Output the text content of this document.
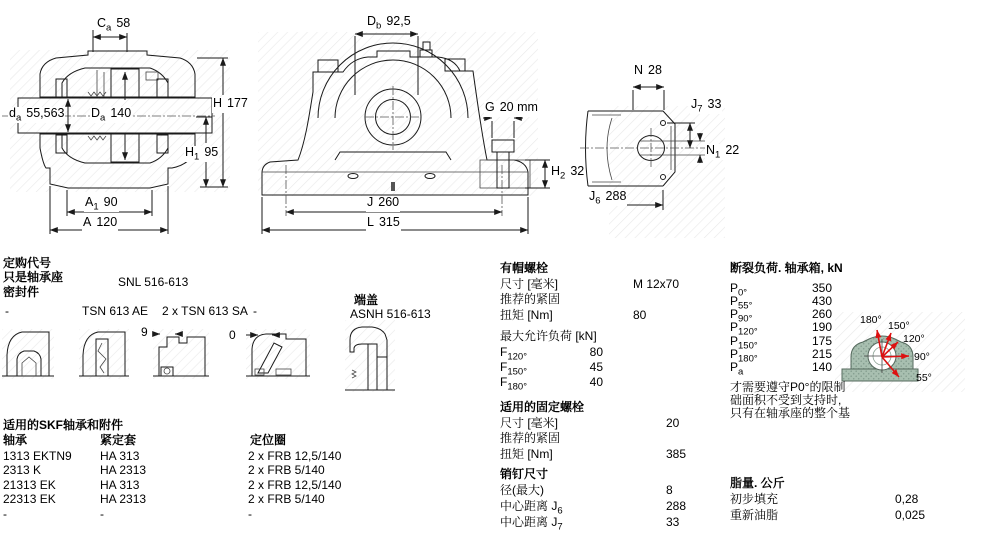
180° 150°
120°
90°
55°
$C_a$ 58
H 177
$d_a$ 55,563 $D_a$ 140
$H_1$ 95
$A_1$ 90
A 120
$D_b$ 92,5
G 20 mm
$H_2$ 32
J 260
L 315
N 28
$J_7$ 33
$N_1$ 22
$J_6$ 288
定购代号
只是轴承座	SNL 516-613
密封件
-	TSN 613 AE 2 x TSN 613 SA -
9	0
端盖
ASNH 516-613
适用的SKF轴承和附件
轴承	紧定套	定位圈
1313 EKTN9 HA 313	2 x FRB 12,5/140
2313 K	HA 2313	2 x FRB 5/140
21313 EK	HA 313	2 x FRB 12,5/140
22313 EK	HA 2313	2 x FRB 5/140
-	-	-
有帽螺栓
尺寸 [毫米]	M 12x70
推荐的紧固
扭矩 [Nm]	80
最大允许负荷 [kN]
$F_{120^\circ}$	80
$F_{150^\circ}$	45
$F_{180^\circ}$	40
适用的固定螺栓
尺寸 [毫米]	20
推荐的紧固
扭矩 [Nm]	385
销钉尺寸
径(最大)	8
中心距离 $J_6$	288
中心距离 $J_7$	33
断裂负荷. 轴承箱, kN
$P_{0^\circ}$	350
$P_{55^\circ}$	430
$P_{90^\circ}$	260
$P_{120^\circ}$	190
$P_{150^\circ}$	175
$P_{180^\circ}$	215
$P_a$	140
才需要遵守P0°的限制
础面积不受到支持时,
只有在轴承座的整个基
脂量. 公斤
初步填充	0,28
重新油脂	0,025
